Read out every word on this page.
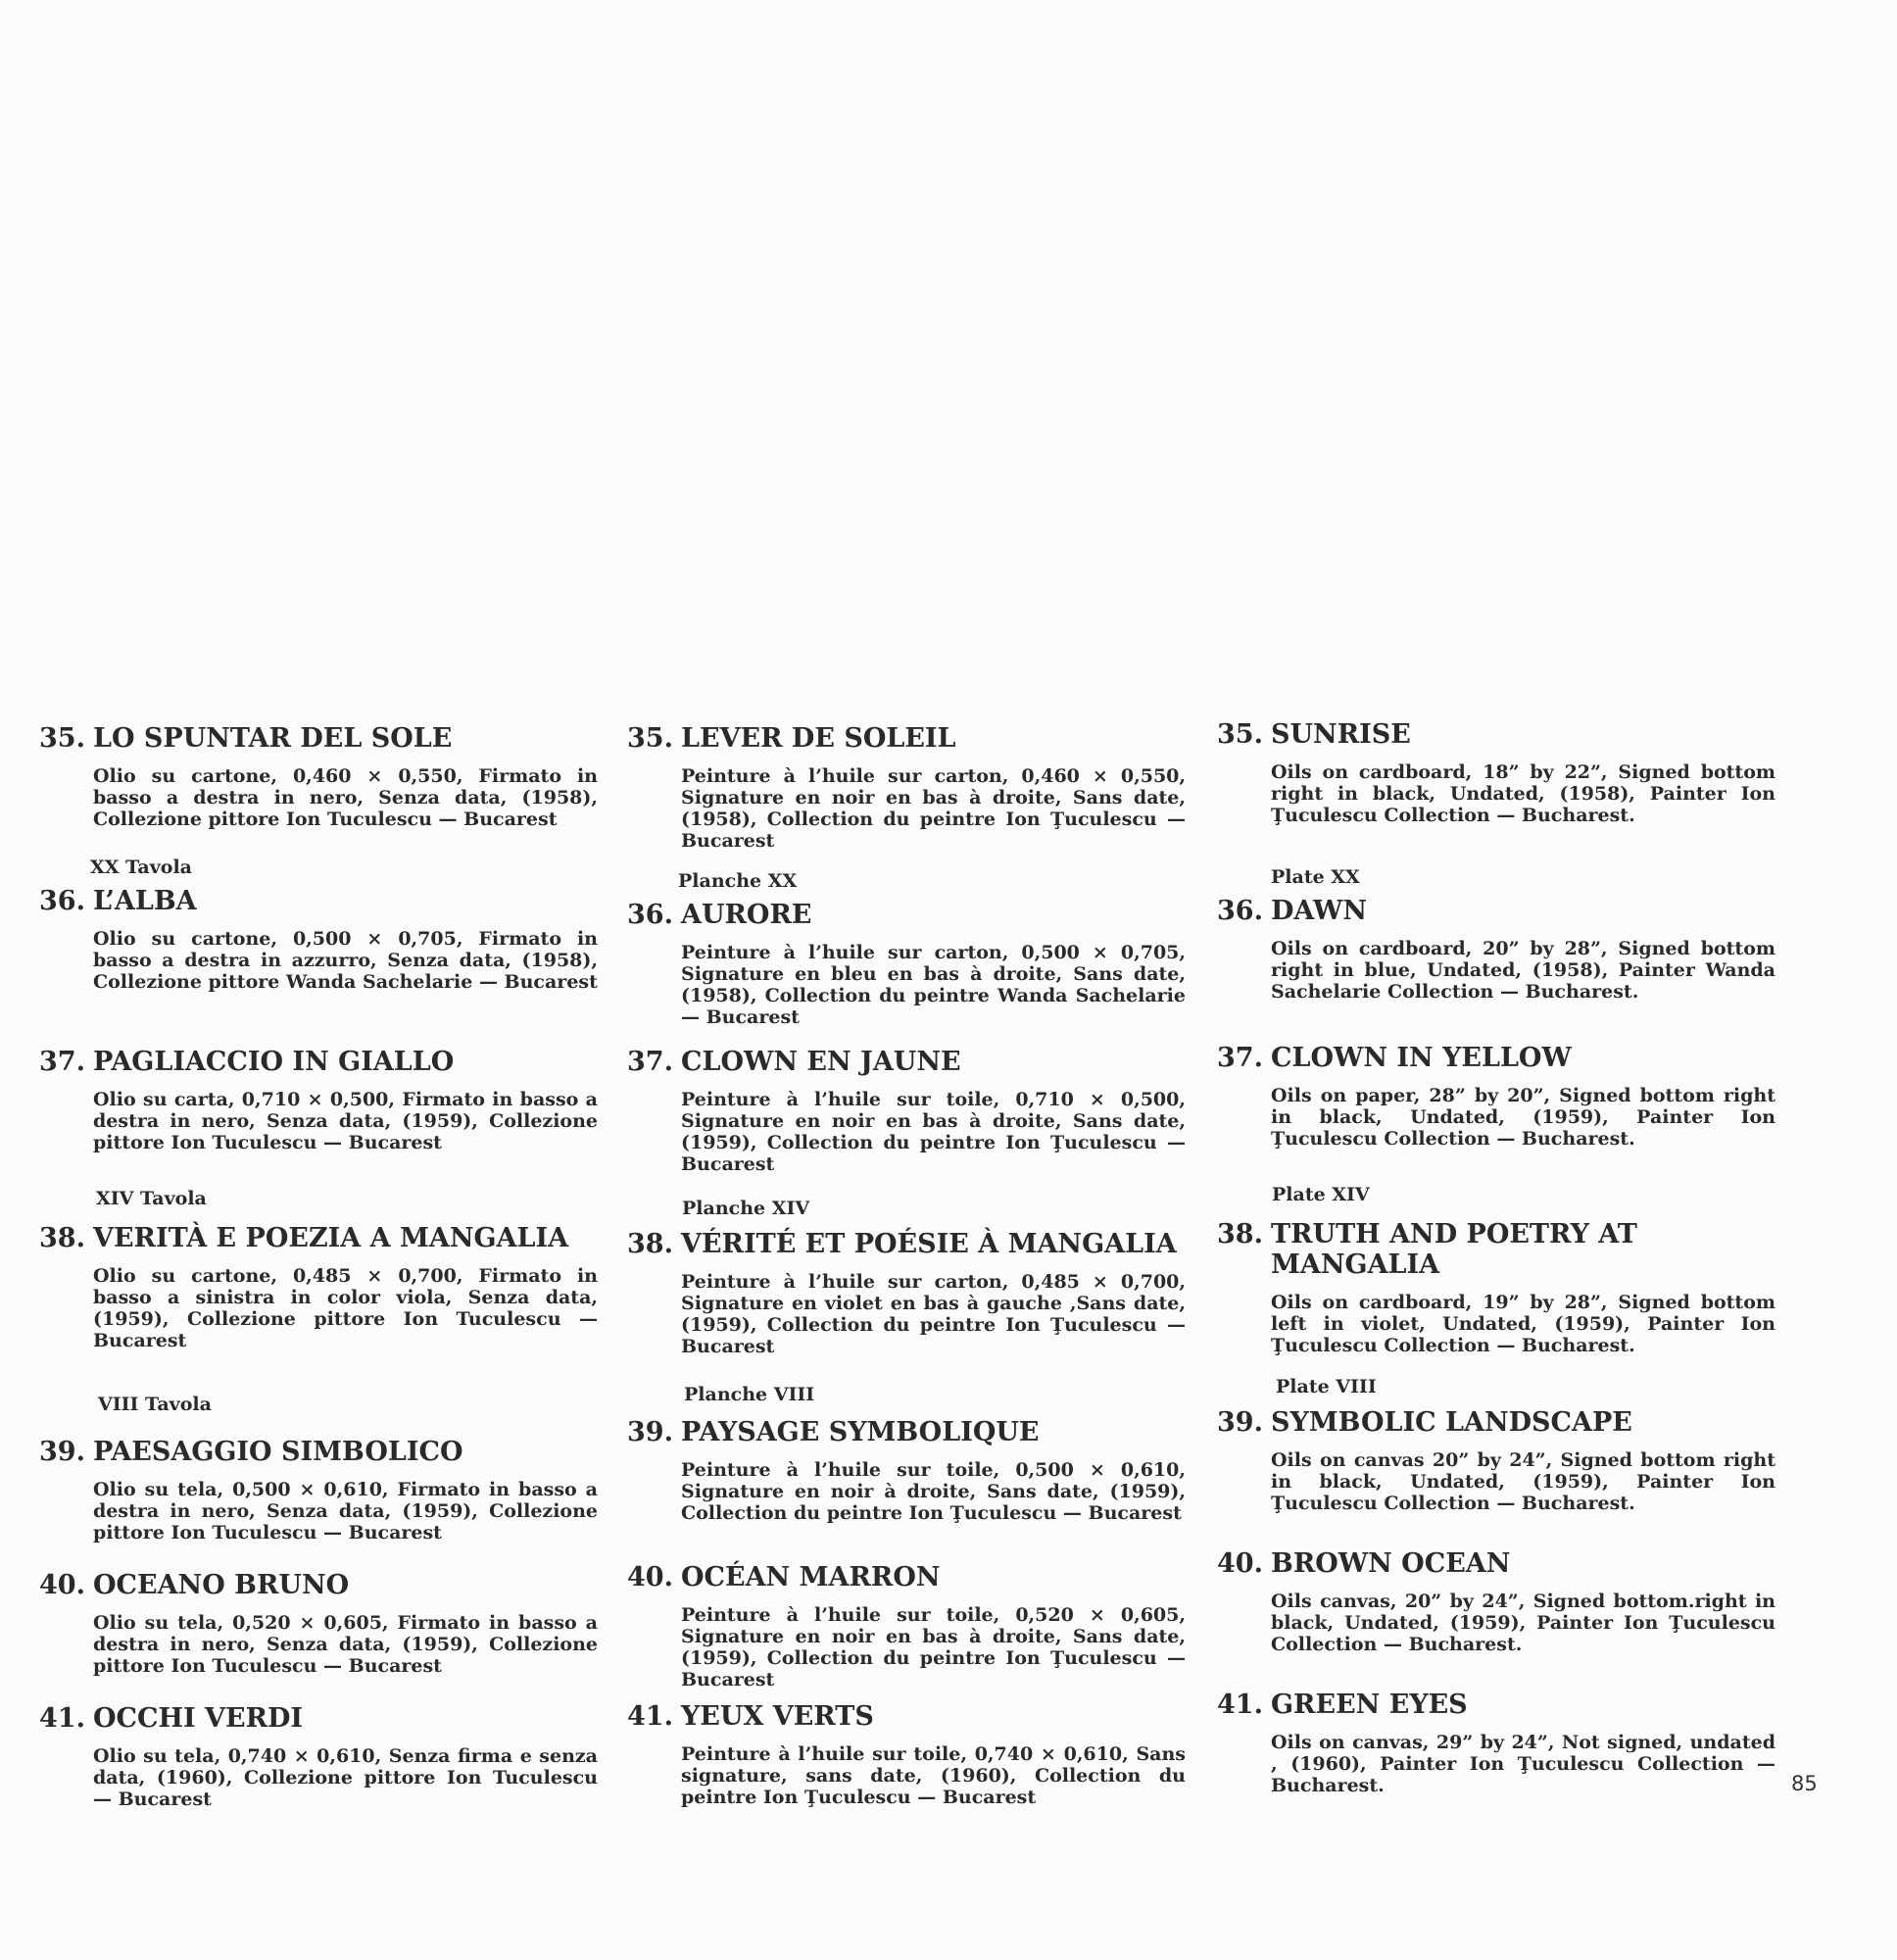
35. LO SPUNTAR DEL SOLE
Olio su cartone, 0,460 × 0,550, Firmato in basso a destra in nero, Senza data, (1958), Collezione pittore Ion Tuculescu — Bucarest
XX Tavola
36. L’ALBA
Olio su cartone, 0,500 × 0,705, Firmato in basso a destra in azzurro, Senza data, (1958), Collezione pittore Wanda Sachelarie — Bucarest
37. PAGLIACCIO IN GIALLO
Olio su carta, 0,710 × 0,500, Firmato in basso a destra in nero, Senza data, (1959), Collezione pittore Ion Tuculescu — Bucarest
XIV Tavola
38. VERITÀ E POEZIA A MANGALIA
Olio su cartone, 0,485 × 0,700, Firmato in basso a sinistra in color viola, Senza data, (1959), Collezione pittore Ion Tuculescu — Bucarest
VIII Tavola
39. PAESAGGIO SIMBOLICO
Olio su tela, 0,500 × 0,610, Firmato in basso a destra in nero, Senza data, (1959), Collezione pittore Ion Tuculescu — Bucarest
40. OCEANO BRUNO
Olio su tela, 0,520 × 0,605, Firmato in basso a destra in nero, Senza data, (1959), Collezione pittore Ion Tuculescu — Bucarest
41. OCCHI VERDI
Olio su tela, 0,740 × 0,610, Senza firma e senza data, (1960), Collezione pittore Ion Tuculescu — Bucarest
35. LEVER DE SOLEIL
Peinture à l’huile sur carton, 0,460 × 0,550, Signature en noir en bas à droite, Sans date, (1958), Collection du peintre Ion Ţuculescu — Bucarest
Planche XX
36. AURORE
Peinture à l’huile sur carton, 0,500 × 0,705, Signature en bleu en bas à droite, Sans date, (1958), Collection du peintre Wanda Sachelarie — Bucarest
37. CLOWN EN JAUNE
Peinture à l’huile sur toile, 0,710 × 0,500, Signature en noir en bas à droite, Sans date, (1959), Collection du peintre Ion Ţuculescu — Bucarest
Planche XIV
38. VÉRITÉ ET POÉSIE À MANGALIA
Peinture à l’huile sur carton, 0,485 × 0,700, Signature en violet en bas à gauche ,Sans date, (1959), Collection du peintre Ion Ţuculescu — Bucarest
Planche VIII
39. PAYSAGE SYMBOLIQUE
Peinture à l’huile sur toile, 0,500 × 0,610, Signature en noir à droite, Sans date, (1959), Collection du peintre Ion Ţuculescu — Bucarest
40. OCÉAN MARRON
Peinture à l’huile sur toile, 0,520 × 0,605, Signature en noir en bas à droite, Sans date, (1959), Collection du peintre Ion Ţuculescu — Bucarest
41. YEUX VERTS
Peinture à l’huile sur toile, 0,740 × 0,610, Sans signature, sans date, (1960), Collection du peintre Ion Ţuculescu — Bucarest
35. SUNRISE
Oils on cardboard, 18” by 22”, Signed bottom right in black, Undated, (1958), Painter Ion Ţuculescu Collection — Bucharest.
Plate XX
36. DAWN
Oils on cardboard, 20” by 28”, Signed bottom right in blue, Undated, (1958), Painter Wanda Sachelarie Collection — Bucharest.
37. CLOWN IN YELLOW
Oils on paper, 28” by 20”, Signed bottom right in black, Undated, (1959), Painter Ion Ţuculescu Collection — Bucharest.
Plate XIV
38. TRUTH AND POETRY AT MANGALIA
Oils on cardboard, 19” by 28”, Signed bottom left in violet, Undated, (1959), Painter Ion Ţuculescu Collection — Bucharest.
Plate VIII
39. SYMBOLIC LANDSCAPE
Oils on canvas 20” by 24”, Signed bottom right in black, Undated, (1959), Painter Ion Ţuculescu Collection — Bucharest.
40. BROWN OCEAN
Oils canvas, 20” by 24”, Signed bottom.right in black, Undated, (1959), Painter Ion Ţuculescu Collection — Bucharest.
41. GREEN EYES
Oils on canvas, 29” by 24”, Not signed, undated , (1960), Painter Ion Ţuculescu Collection — Bucharest.	85
